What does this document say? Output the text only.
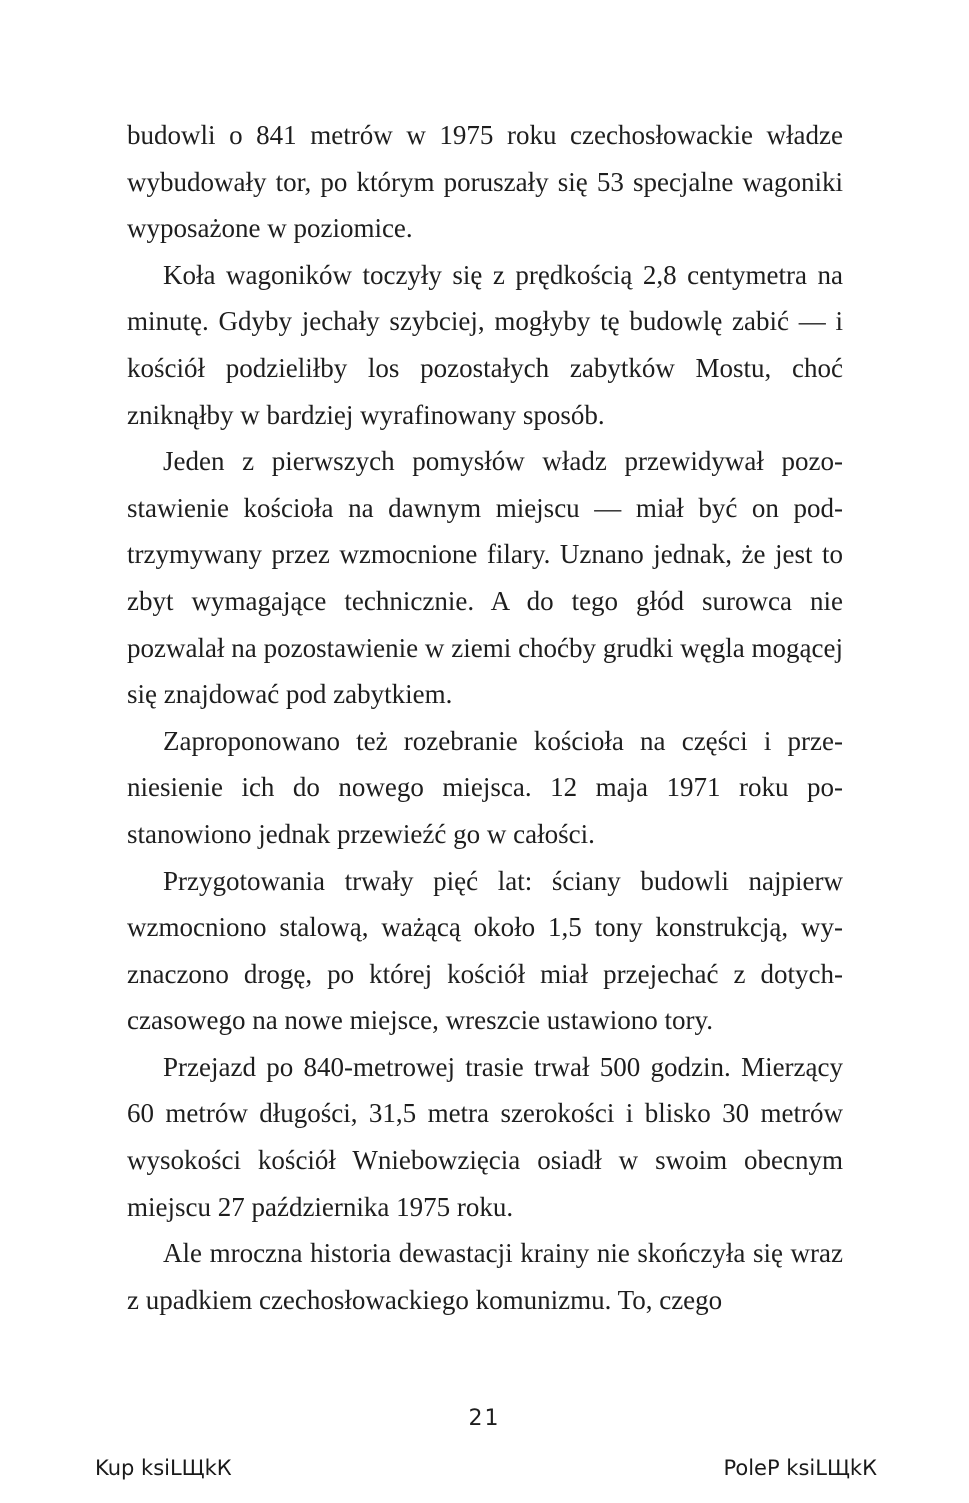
budowli o 841 metrów w 1975 roku czechosłowackie władze wybudowały tor, po którym poruszały się 53 specjalne wagoniki wyposażone w poziomice.

Koła wagoników toczyły się z prędkością 2,8 centymetra na minutę. Gdyby jechały szybciej, mogłyby tę budowlę zabić — i kościół podzieliłby los pozostałych zabytków Mostu, choć zniknąłby w bardziej wyrafinowany sposób.

Jeden z pierwszych pomysłów władz przewidywał pozostawienie kościoła na dawnym miejscu — miał być on podtrzymywany przez wzmocnione filary. Uznano jednak, że jest to zbyt wymagające technicznie. A do tego głód surowca nie pozwalał na pozostawienie w ziemi choćby grudki węgla mogącej się znajdować pod zabytkiem.

Zaproponowano też rozebranie kościoła na części i przeniesienie ich do nowego miejsca. 12 maja 1971 roku postanowiono jednak przewieźć go w całości.

Przygotowania trwały pięć lat: ściany budowli najpierw wzmocniono stalową, ważącą około 1,5 tony konstrukcją, wyznaczono drogę, po której kościół miał przejechać z dotychczasowego na nowe miejsce, wreszcie ustawiono tory.

Przejazd po 840-metrowej trasie trwał 500 godzin. Mierzący 60 metrów długości, 31,5 metra szerokości i blisko 30 metrów wysokości kościół Wniebowzięcia osiadł w swoim obecnym miejscu 27 października 1975 roku.

Ale mroczna historia dewastacji krainy nie skończyła się wraz z upadkiem czechosłowackiego komunizmu. To, czego

21
Kup ksiLЩkК	PoleР ksiLЩkК
